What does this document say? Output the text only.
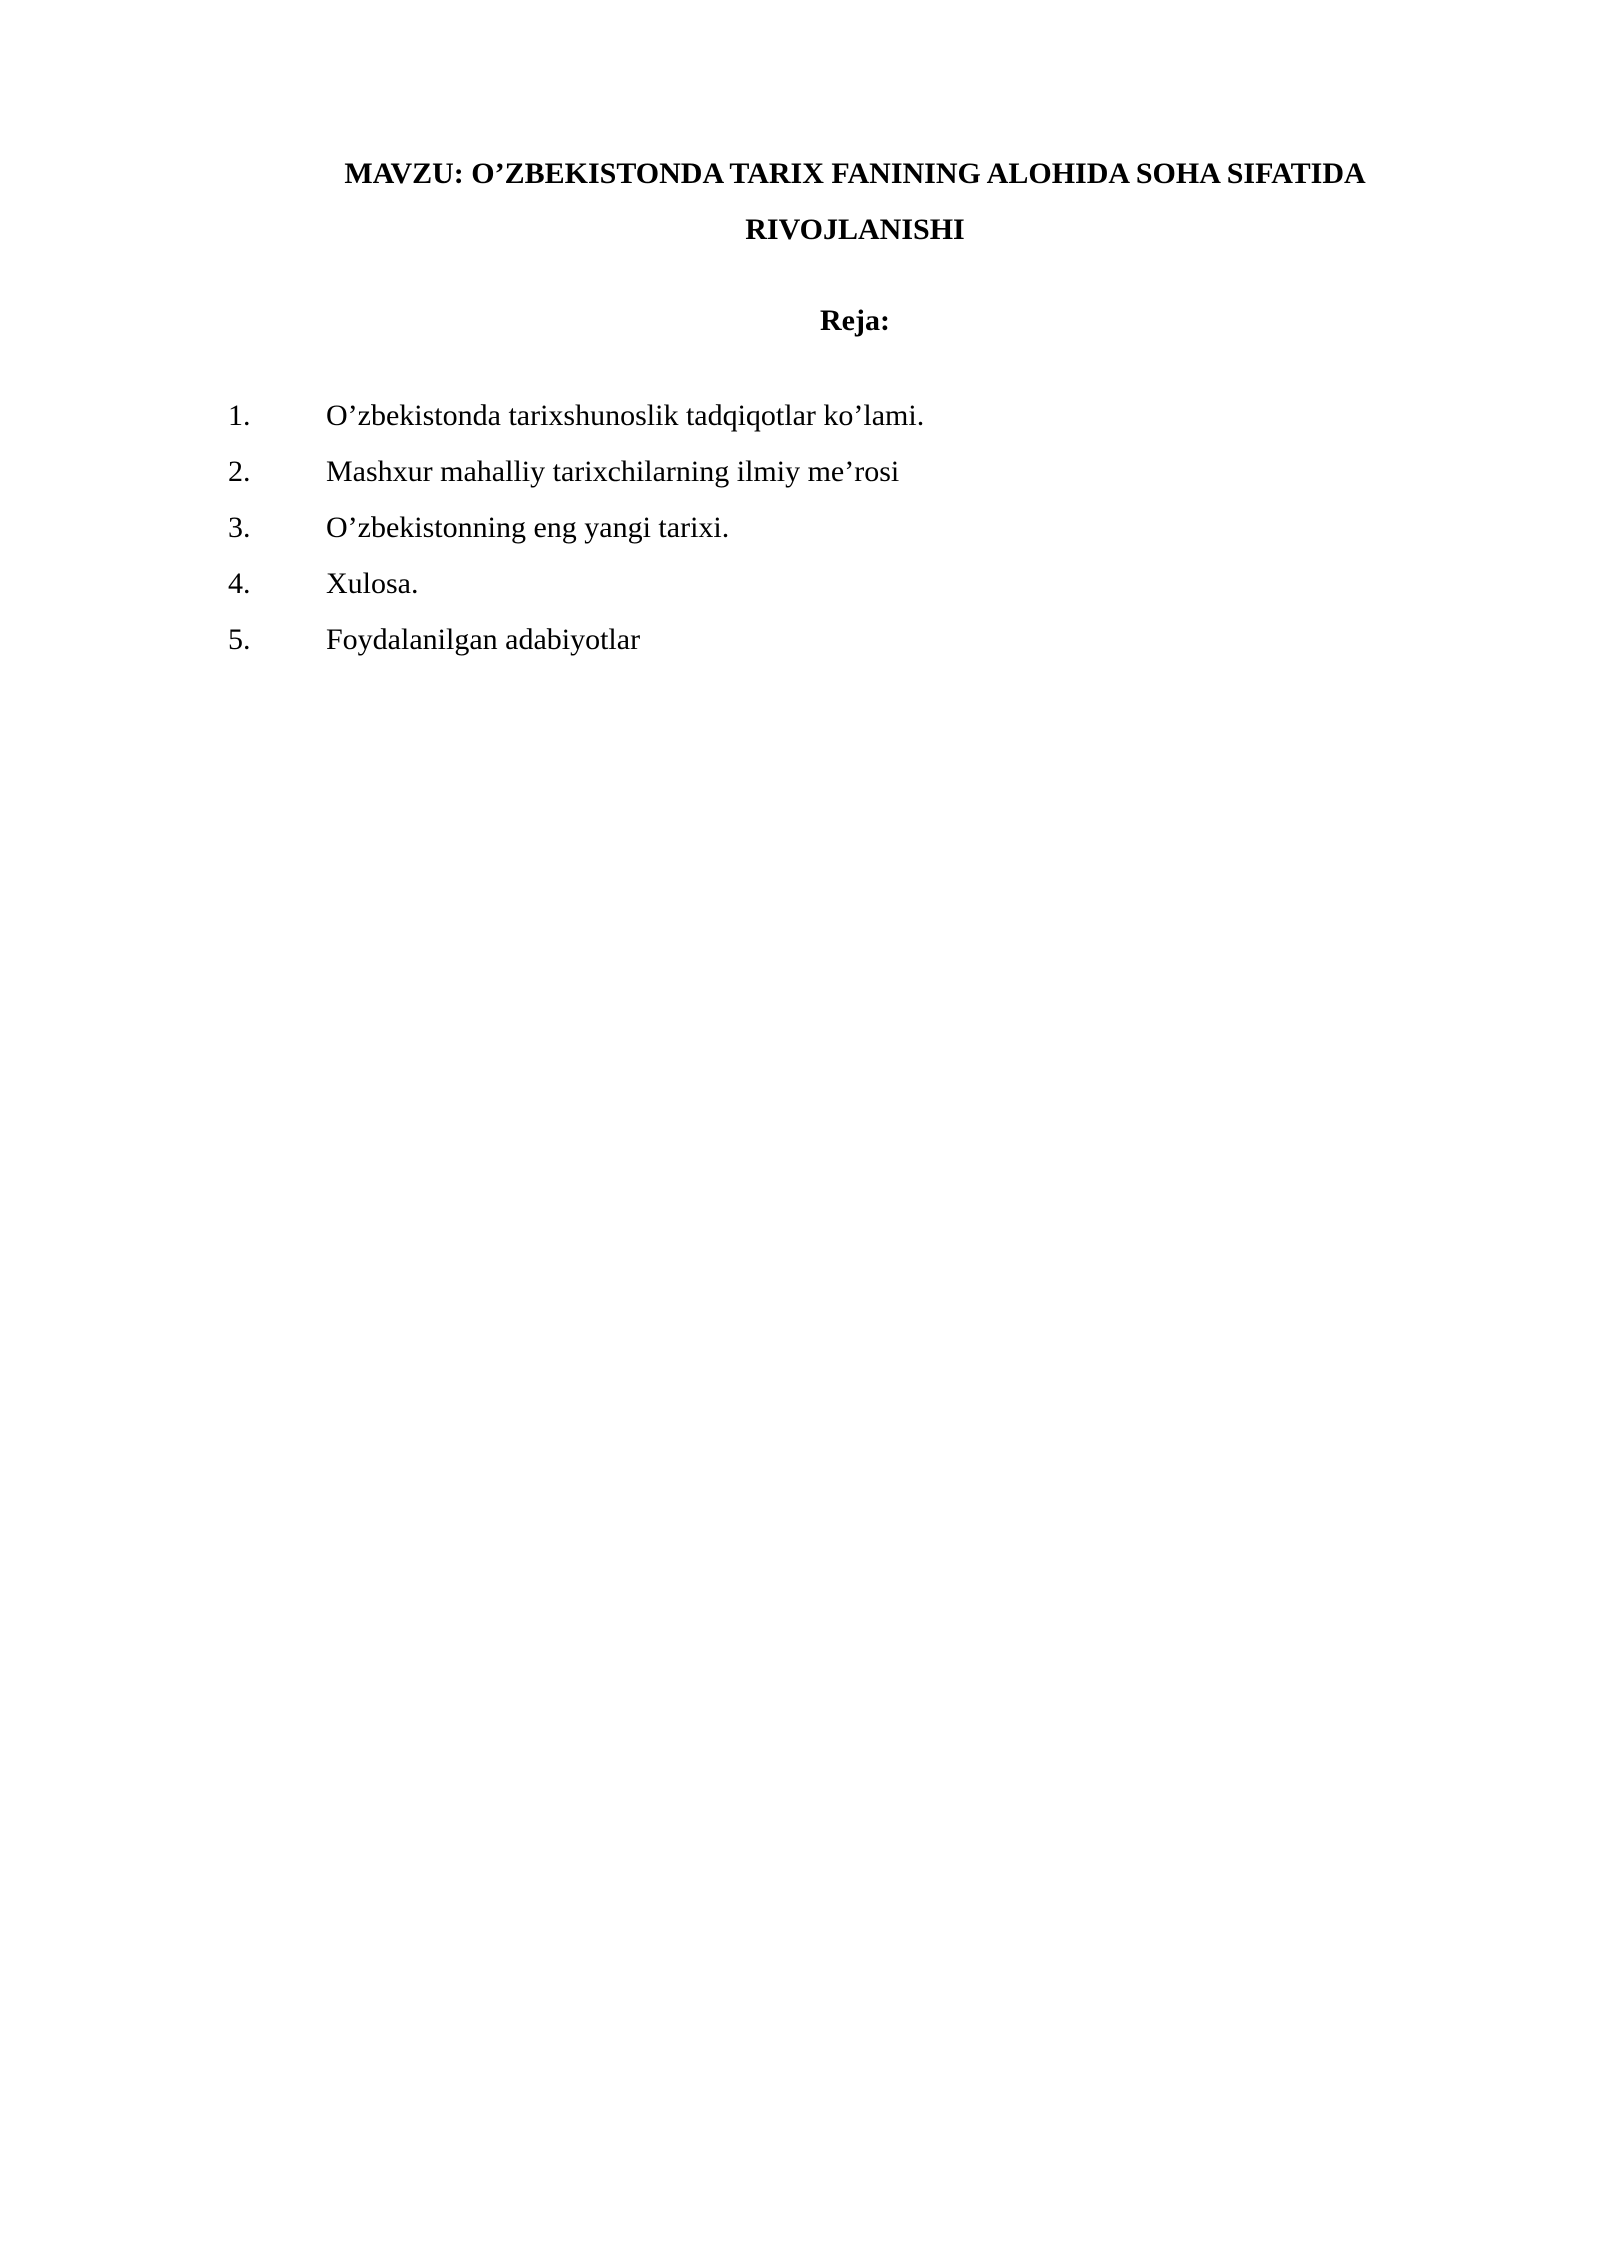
MAVZU: O’ZBEKISTONDA TARIX FANINING ALOHIDA SOHA SIFATIDA
RIVOJLANISHI
Reja:
1.	O’zbekistonda tarixshunoslik tadqiqotlar ko’lami.
2.	Mashxur mahalliy tarixchilarning ilmiy me’rosi
3.	O’zbekistonning eng yangi tarixi.
4.	Xulosa.
5.	Foydalanilgan adabiyotlar
